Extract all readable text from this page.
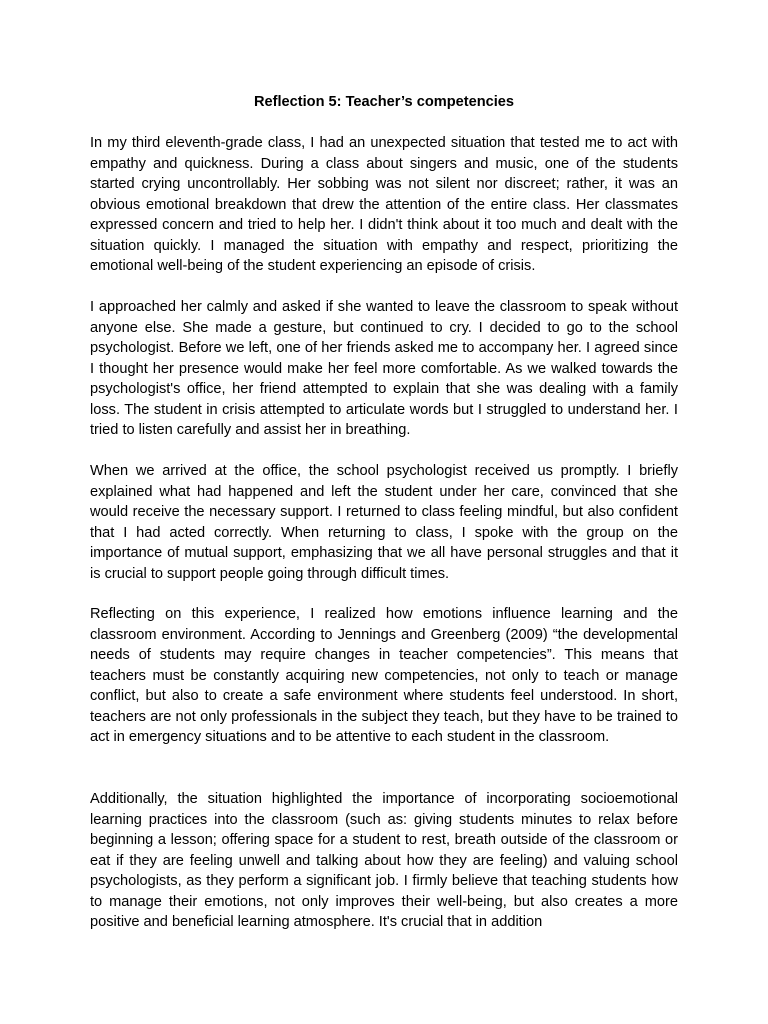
Reflection 5: Teacher’s competencies

In my third eleventh-grade class, I had an unexpected situation that tested me to act with empathy and quickness. During a class about singers and music, one of the students started crying uncontrollably. Her sobbing was not silent nor discreet; rather, it was an obvious emotional breakdown that drew the attention of the entire class. Her classmates expressed concern and tried to help her. I didn't think about it too much and dealt with the situation quickly. I managed the situation with empathy and respect, prioritizing the emotional well-being of the student experiencing an episode of crisis.

I approached her calmly and asked if she wanted to leave the classroom to speak without anyone else. She made a gesture, but continued to cry. I decided to go to the school psychologist. Before we left, one of her friends asked me to accompany her. I agreed since I thought her presence would make her feel more comfortable. As we walked towards the psychologist's office, her friend attempted to explain that she was dealing with a family loss. The student in crisis attempted to articulate words but I struggled to understand her. I tried to listen carefully and assist her in breathing.

When we arrived at the office, the school psychologist received us promptly. I briefly explained what had happened and left the student under her care, convinced that she would receive the necessary support. I returned to class feeling mindful, but also confident that I had acted correctly. When returning to class, I spoke with the group on the importance of mutual support, emphasizing that we all have personal struggles and that it is crucial to support people going through difficult times.

Reflecting on this experience, I realized how emotions influence learning and the classroom environment. According to Jennings and Greenberg (2009) “the developmental needs of students may require changes in teacher competencies”. This means that teachers must be constantly acquiring new competencies, not only to teach or manage conflict, but also to create a safe environment where students feel understood. In short, teachers are not only professionals in the subject they teach, but they have to be trained to act in emergency situations and to be attentive to each student in the classroom.

Additionally, the situation highlighted the importance of incorporating socioemotional learning practices into the classroom (such as: giving students minutes to relax before beginning a lesson; offering space for a student to rest, breath outside of the classroom or eat if they are feeling unwell and talking about how they are feeling) and valuing school psychologists, as they perform a significant job. I firmly believe that teaching students how to manage their emotions, not only improves their well-being, but also creates a more positive and beneficial learning atmosphere. It's crucial that in addition
